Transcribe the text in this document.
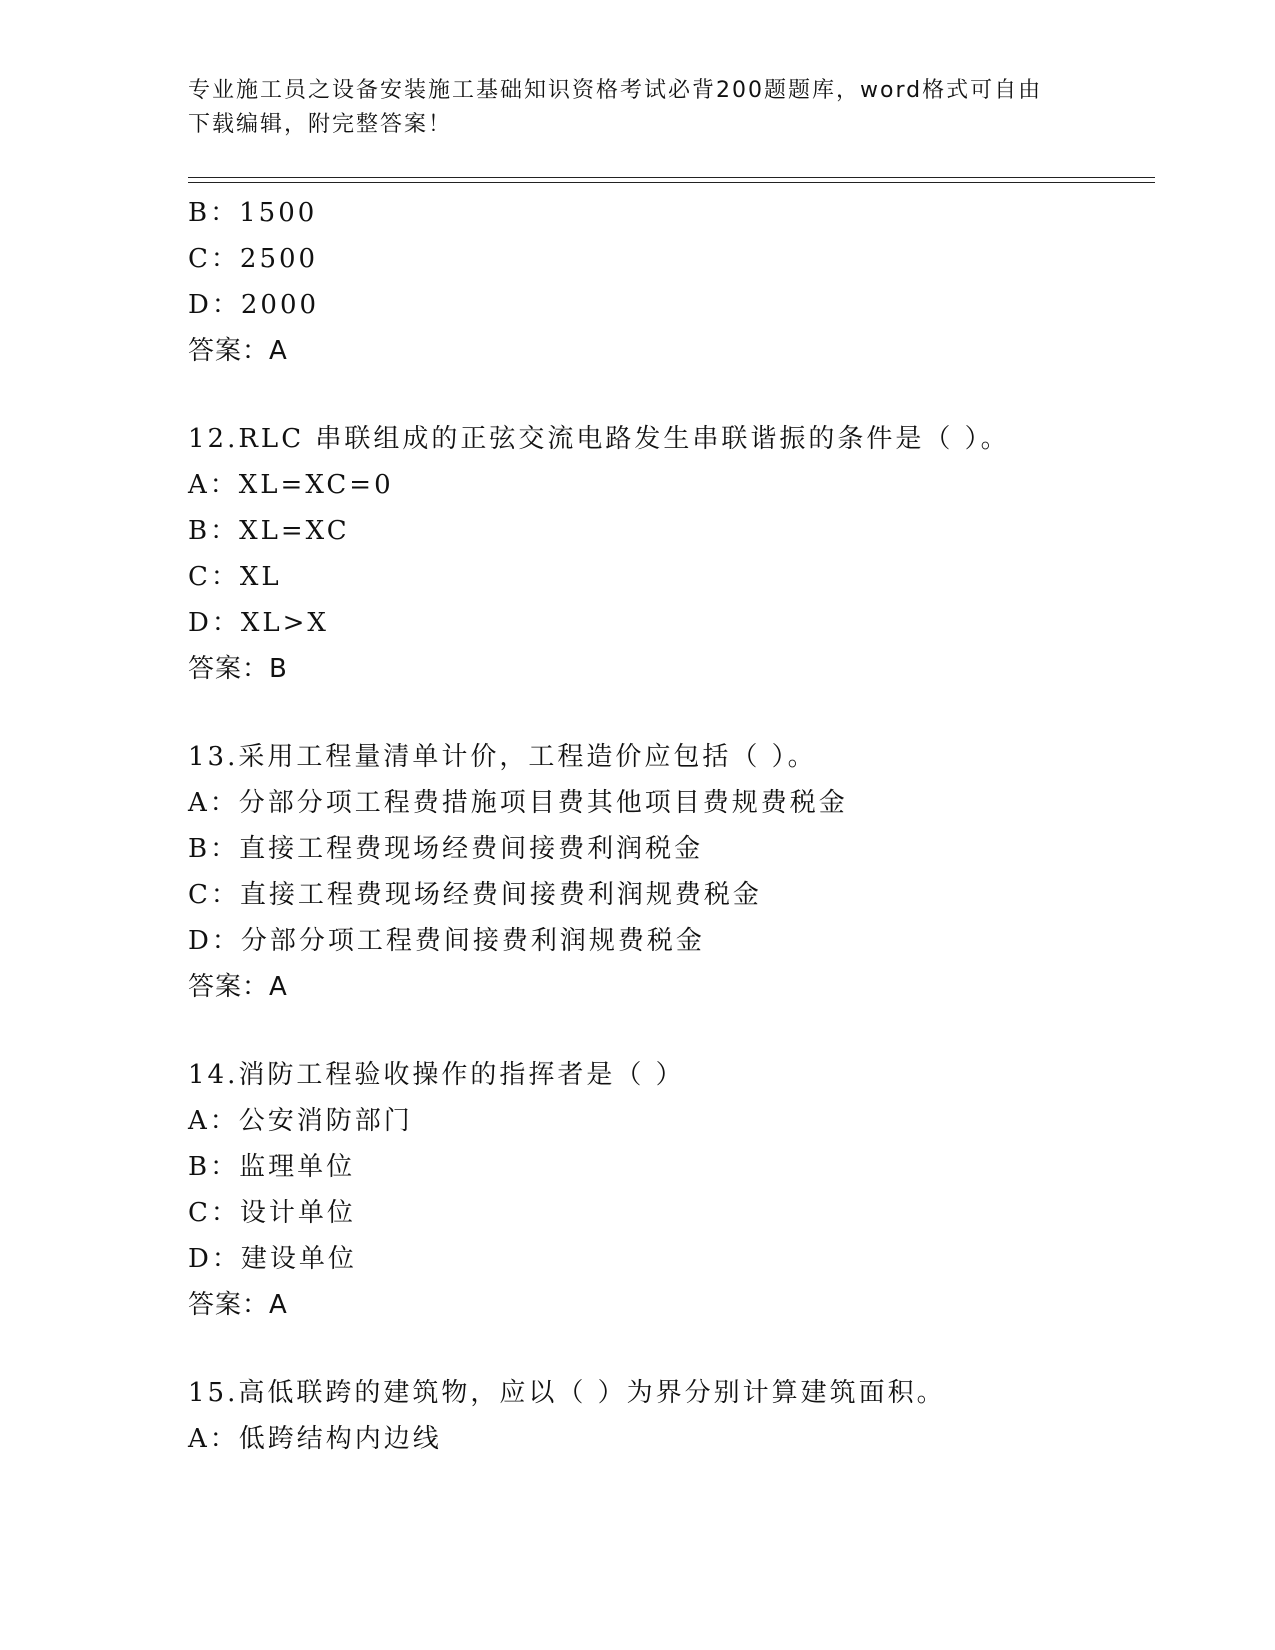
专业施工员之设备安装施工基础知识资格考试必背200题题库，word格式可自由
下载编辑，附完整答案！
B：1500
C：2500
D：2000
答案：A
12.RLC 串联组成的正弦交流电路发生串联谐振的条件是（ ）。
A：XL=XC=0
B：XL=XC
C：XL
D：XL>X
答案：B
13.采用工程量清单计价，工程造价应包括（ ）。
A：分部分项工程费措施项目费其他项目费规费税金
B：直接工程费现场经费间接费利润税金
C：直接工程费现场经费间接费利润规费税金
D：分部分项工程费间接费利润规费税金
答案：A
14.消防工程验收操作的指挥者是（ ）
A：公安消防部门
B：监理单位
C：设计单位
D：建设单位
答案：A
15.高低联跨的建筑物，应以（ ）为界分别计算建筑面积。
A：低跨结构内边线
